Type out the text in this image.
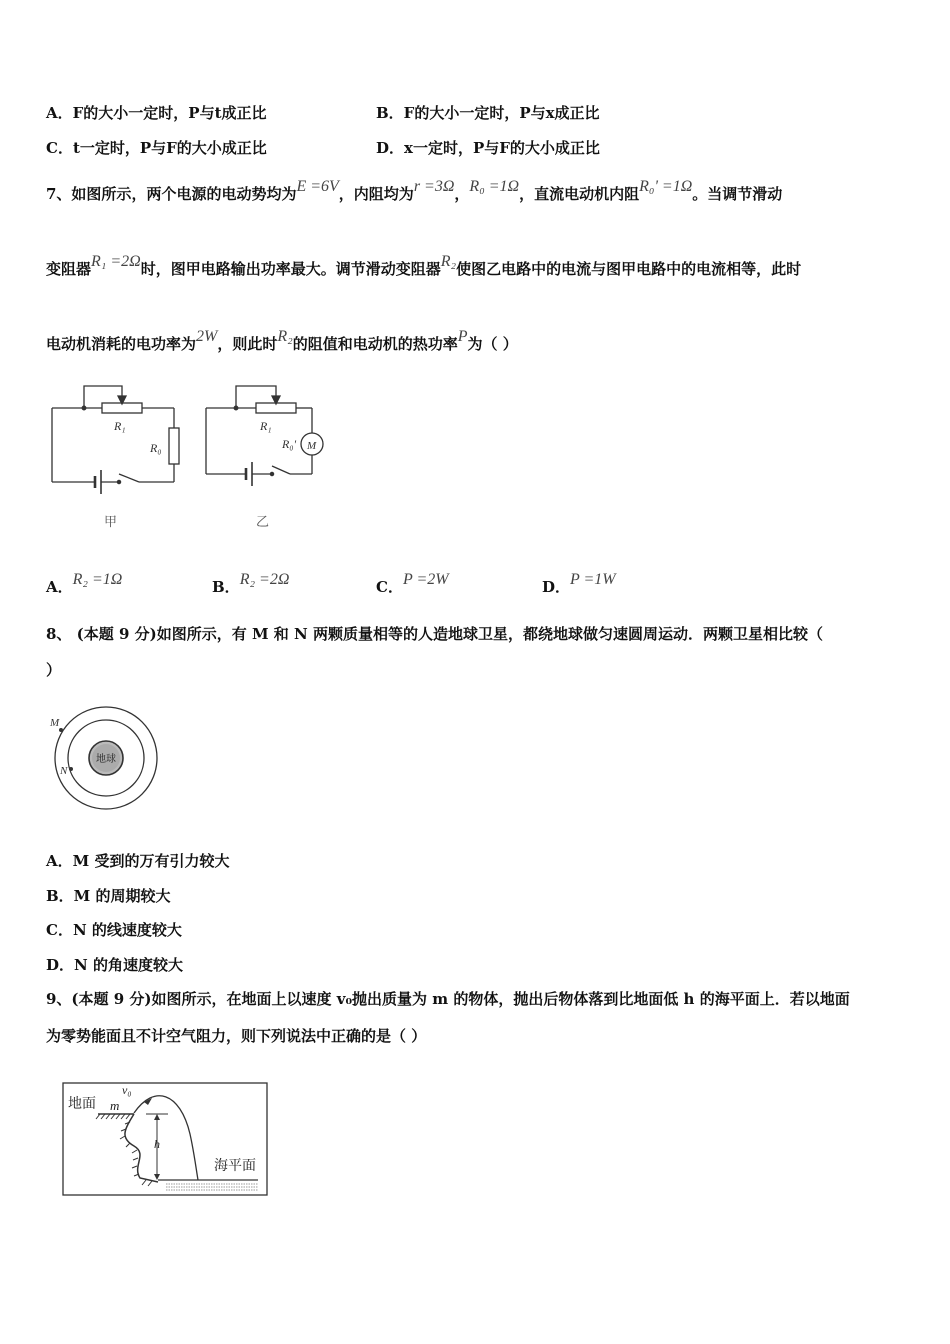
A．F的大小一定时，P与t成正比	B．F的大小一定时，P与x成正比
C．t一定时，P与F的大小成正比	D．x一定时，P与F的大小成正比
7、如图所示，两个电源的电动势均为E =6V，内阻均为r =3Ω，R₀ =1Ω，直流电动机内阻R₀' =1Ω。当调节滑动
变阻器R₁ =2Ω时，图甲电路输出功率最大。调节滑动变阻器R₂使图乙电路中的电流与图甲电路中的电流相等，此时
电动机消耗的电功率为2W，则此时R₂的阻值和电动机的热功率P为（ ）
R₁
R₀
R₁
R₀' M
甲	乙
A．R₂ =1Ω	B．R₂ =2Ω	C．P =2W	D．P =1W
8、 (本题 9 分)如图所示，有 M 和 N 两颗质量相等的人造地球卫星，都绕地球做匀速圆周运动．两颗卫星相比较（
）
地球
M
N
A．M 受到的万有引力较大
B．M 的周期较大
C．N 的线速度较大
D．N 的角速度较大
9、(本题 9 分)如图所示，在地面上以速度 v₀抛出质量为 m 的物体，抛出后物体落到比地面低 h 的海平面上．若以地面
为零势能面且不计空气阻力，则下列说法中正确的是（ ）
地面 m
v₀
h
海平面
